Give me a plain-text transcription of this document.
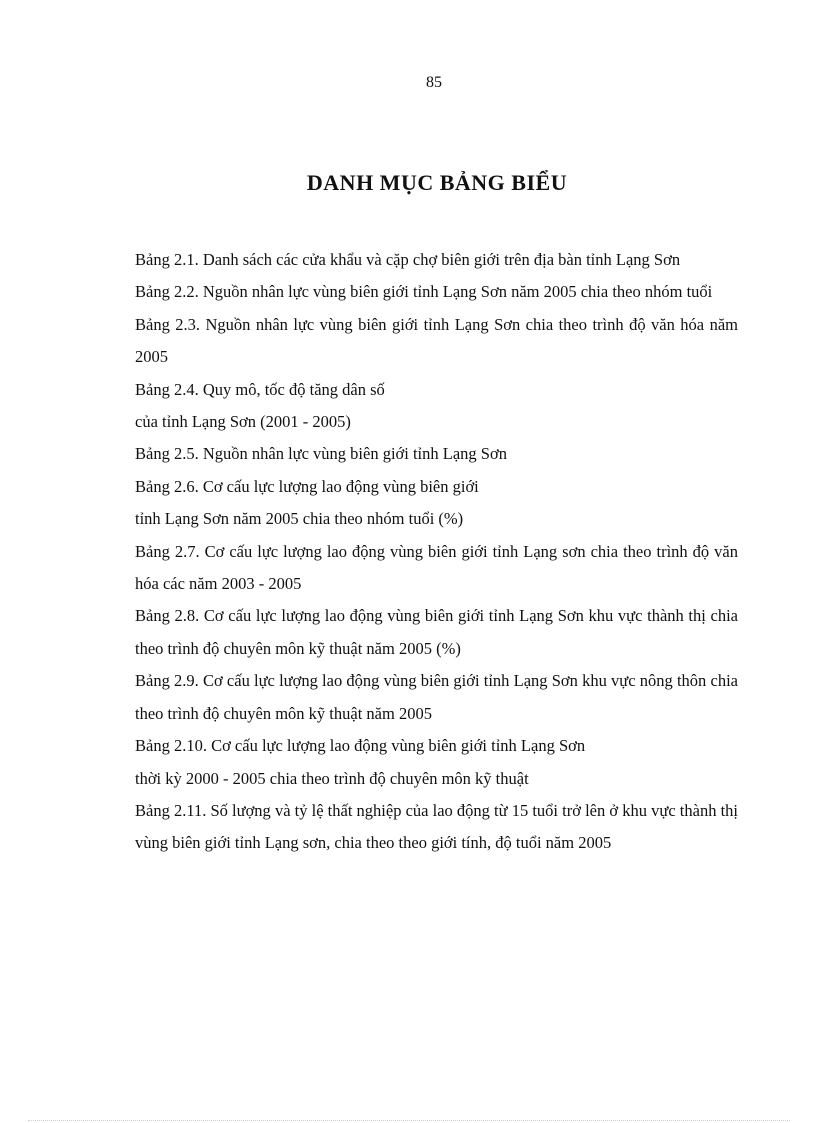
85
DANH MỤC BẢNG BIỂU
Bảng 2.1. Danh sách các cửa khẩu và cặp chợ biên giới trên địa bàn tỉnh Lạng Sơn
Bảng 2.2. Nguồn nhân lực vùng biên giới tỉnh Lạng Sơn năm 2005 chia theo nhóm tuổi
Bảng 2.3. Nguồn nhân lực vùng biên giới tỉnh Lạng Sơn chia theo trình độ văn hóa năm 2005
Bảng 2.4. Quy mô, tốc độ tăng dân số
của tỉnh Lạng Sơn (2001 - 2005)
Bảng 2.5. Nguồn nhân lực vùng biên giới tỉnh Lạng Sơn
Bảng 2.6. Cơ cấu lực lượng lao động vùng biên giới
tỉnh Lạng Sơn năm 2005 chia theo nhóm tuổi (%)
Bảng 2.7. Cơ cấu lực lượng lao động vùng biên giới tỉnh Lạng sơn chia theo trình độ văn hóa các năm 2003 - 2005
Bảng 2.8. Cơ cấu lực lượng lao động vùng biên giới tỉnh Lạng Sơn khu vực thành thị chia theo trình độ chuyên môn kỹ thuật năm 2005 (%)
Bảng 2.9. Cơ cấu lực lượng lao động vùng biên giới tỉnh Lạng Sơn khu vực nông thôn chia theo trình độ chuyên môn kỹ thuật năm 2005
Bảng 2.10. Cơ cấu lực lượng lao động vùng biên giới tỉnh Lạng Sơn
thời kỳ 2000 - 2005 chia theo trình độ chuyên môn kỹ thuật
Bảng 2.11. Số lượng và tỷ lệ thất nghiệp của lao động từ 15 tuổi trở lên ở khu vực thành thị vùng biên giới tỉnh Lạng sơn, chia theo theo giới tính, độ tuổi năm 2005
